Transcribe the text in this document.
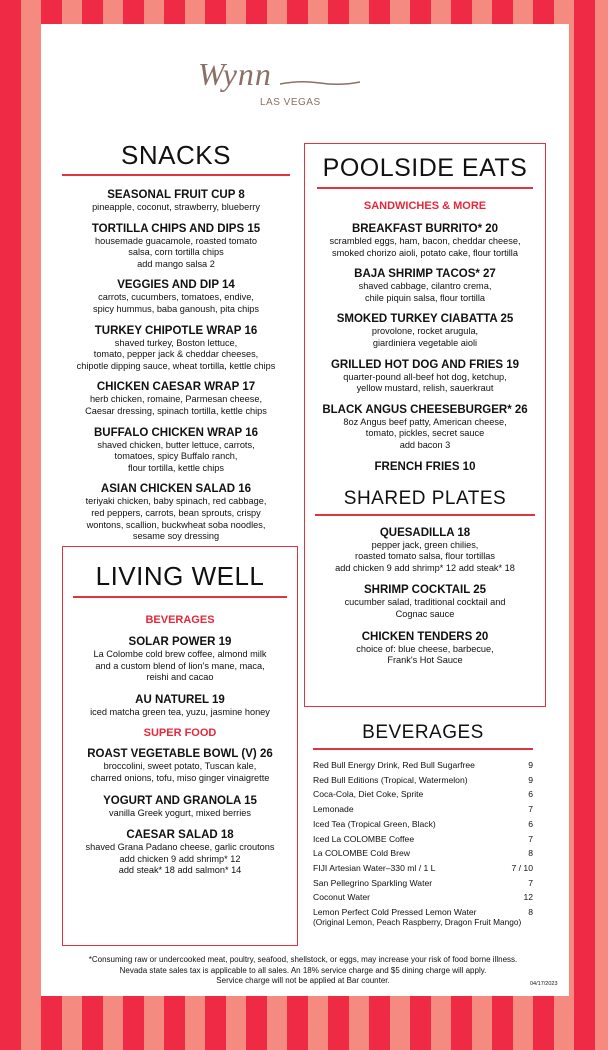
Wynn
LAS VEGAS
SNACKS
SEASONAL FRUIT CUP 8
pineapple, coconut, strawberry, blueberry
TORTILLA CHIPS AND DIPS 15
housemade guacamole, roasted tomato
salsa, corn tortilla chips
add mango salsa 2
VEGGIES AND DIP 14
carrots, cucumbers, tomatoes, endive,
spicy hummus, baba ganoush, pita chips
TURKEY CHIPOTLE WRAP 16
shaved turkey, Boston lettuce,
tomato, pepper jack & cheddar cheeses,
chipotle dipping sauce, wheat tortilla, kettle chips
CHICKEN CAESAR WRAP 17
herb chicken, romaine, Parmesan cheese,
Caesar dressing, spinach tortilla, kettle chips
BUFFALO CHICKEN WRAP 16
shaved chicken, butter lettuce, carrots,
tomatoes, spicy Buffalo ranch,
flour tortilla, kettle chips
ASIAN CHICKEN SALAD 16
teriyaki chicken, baby spinach, red cabbage,
red peppers, carrots, bean sprouts, crispy
wontons, scallion, buckwheat soba noodles,
sesame soy dressing
POOLSIDE EATS
SANDWICHES & MORE
BREAKFAST BURRITO* 20
scrambled eggs, ham, bacon, cheddar cheese,
smoked chorizo aioli, potato cake, flour tortilla
BAJA SHRIMP TACOS* 27
shaved cabbage, cilantro crema,
chile piquin salsa, flour tortilla
SMOKED TURKEY CIABATTA 25
provolone, rocket arugula,
giardiniera vegetable aioli
GRILLED HOT DOG AND FRIES 19
quarter-pound all-beef hot dog, ketchup,
yellow mustard, relish, sauerkraut
BLACK ANGUS CHEESEBURGER* 26
8oz Angus beef patty, American cheese,
tomato, pickles, secret sauce
add bacon 3
FRENCH FRIES 10
SHARED PLATES
QUESADILLA 18
pepper jack, green chilies,
roasted tomato salsa, flour tortillas
add chicken 9 add shrimp* 12 add steak* 18
SHRIMP COCKTAIL 25
cucumber salad, traditional cocktail and
Cognac sauce
CHICKEN TENDERS 20
choice of: blue cheese, barbecue,
Frank's Hot Sauce
LIVING WELL
BEVERAGES
SOLAR POWER 19
La Colombe cold brew coffee, almond milk
and a custom blend of lion's mane, maca,
reishi and cacao
AU NATUREL 19
iced matcha green tea, yuzu, jasmine honey
SUPER FOOD
ROAST VEGETABLE BOWL (V) 26
broccolini, sweet potato, Tuscan kale,
charred onions, tofu, miso ginger vinaigrette
YOGURT AND GRANOLA 15
vanilla Greek yogurt, mixed berries
CAESAR SALAD 18
shaved Grana Padano cheese, garlic croutons
add chicken 9 add shrimp* 12
add steak* 18 add salmon* 14
BEVERAGES
Red Bull Energy Drink, Red Bull Sugarfree	9
Red Bull Editions (Tropical, Watermelon)	9
Coca-Cola, Diet Coke, Sprite	6
Lemonade	7
Iced Tea (Tropical Green, Black)	6
Iced La COLOMBE Coffee	7
La COLOMBE Cold Brew	8
FIJI Artesian Water–330 ml / 1 L	7 / 10
San Pellegrino Sparkling Water	7
Coconut Water	12
Lemon Perfect Cold Pressed Lemon Water	8
(Original Lemon, Peach Raspberry, Dragon Fruit Mango)
*Consuming raw or undercooked meat, poultry, seafood, shellstock, or eggs, may increase your risk of food borne illness.
Nevada state sales tax is applicable to all sales. An 18% service charge and $5 dining charge will apply.
Service charge will not be applied at Bar counter.	04/17/2023
